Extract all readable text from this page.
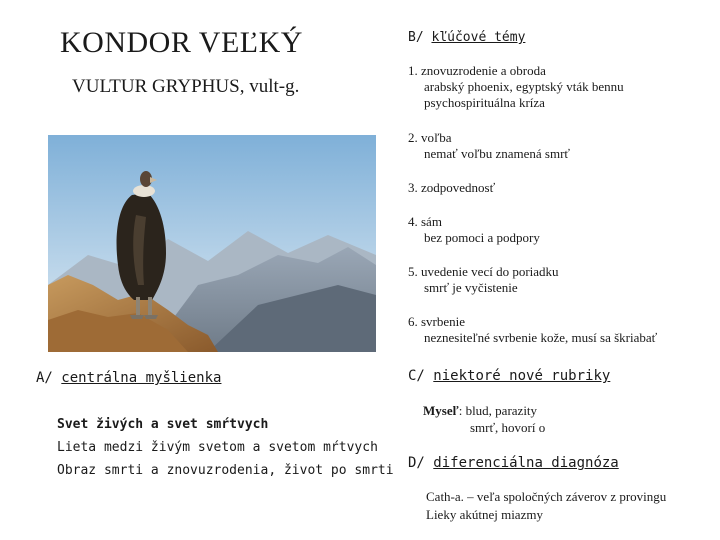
KONDOR VEĽKÝ
VULTUR GRYPHUS, vult-g.
A/ centrálna myšlienka
Svet živých a svet smŕtvych
Lieta medzi živým svetom a svetom mŕtvych
Obraz smrti a znovuzrodenia, život po smrti
B/ kľúčové témy
1. znovuzrodenie a obroda
arabský phoenix, egyptský vták bennu
psychospirituálna kríza
2. voľba
nemať voľbu znamená smrť
3. zodpovednosť
4. sám
bez pomoci a podpory
5. uvedenie vecí do poriadku
smrť je vyčistenie
6. svrbenie
neznesiteľné svrbenie kože, musí sa škriabať
C/ niektoré nové rubriky
Myseľ: blud, parazity
smrť, hovorí o
D/ diferenciálna diagnóza
Cath-a. – veľa spoločných záverov z provingu
Lieky akútnej miazmy
